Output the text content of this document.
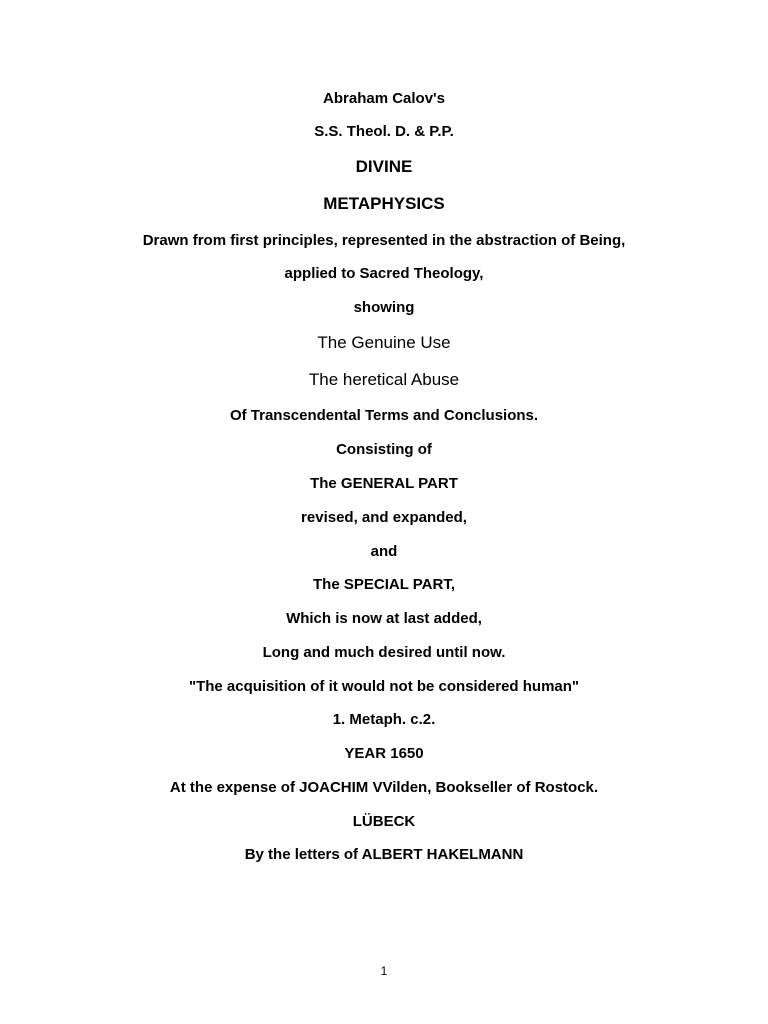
Abraham Calov's
S.S. Theol. D. & P.P.
DIVINE
METAPHYSICS
Drawn from first principles, represented in the abstraction of Being,
applied to Sacred Theology,
showing
The Genuine Use
The heretical Abuse
Of Transcendental Terms and Conclusions.
Consisting of
The GENERAL PART
revised, and expanded,
and
The SPECIAL PART,
Which is now at last added,
Long and much desired until now.
"The acquisition of it would not be considered human"
1. Metaph. c.2.
YEAR 1650
At the expense of JOACHIM VVilden, Bookseller of Rostock.
LÜBECK
By the letters of ALBERT HAKELMANN
1
